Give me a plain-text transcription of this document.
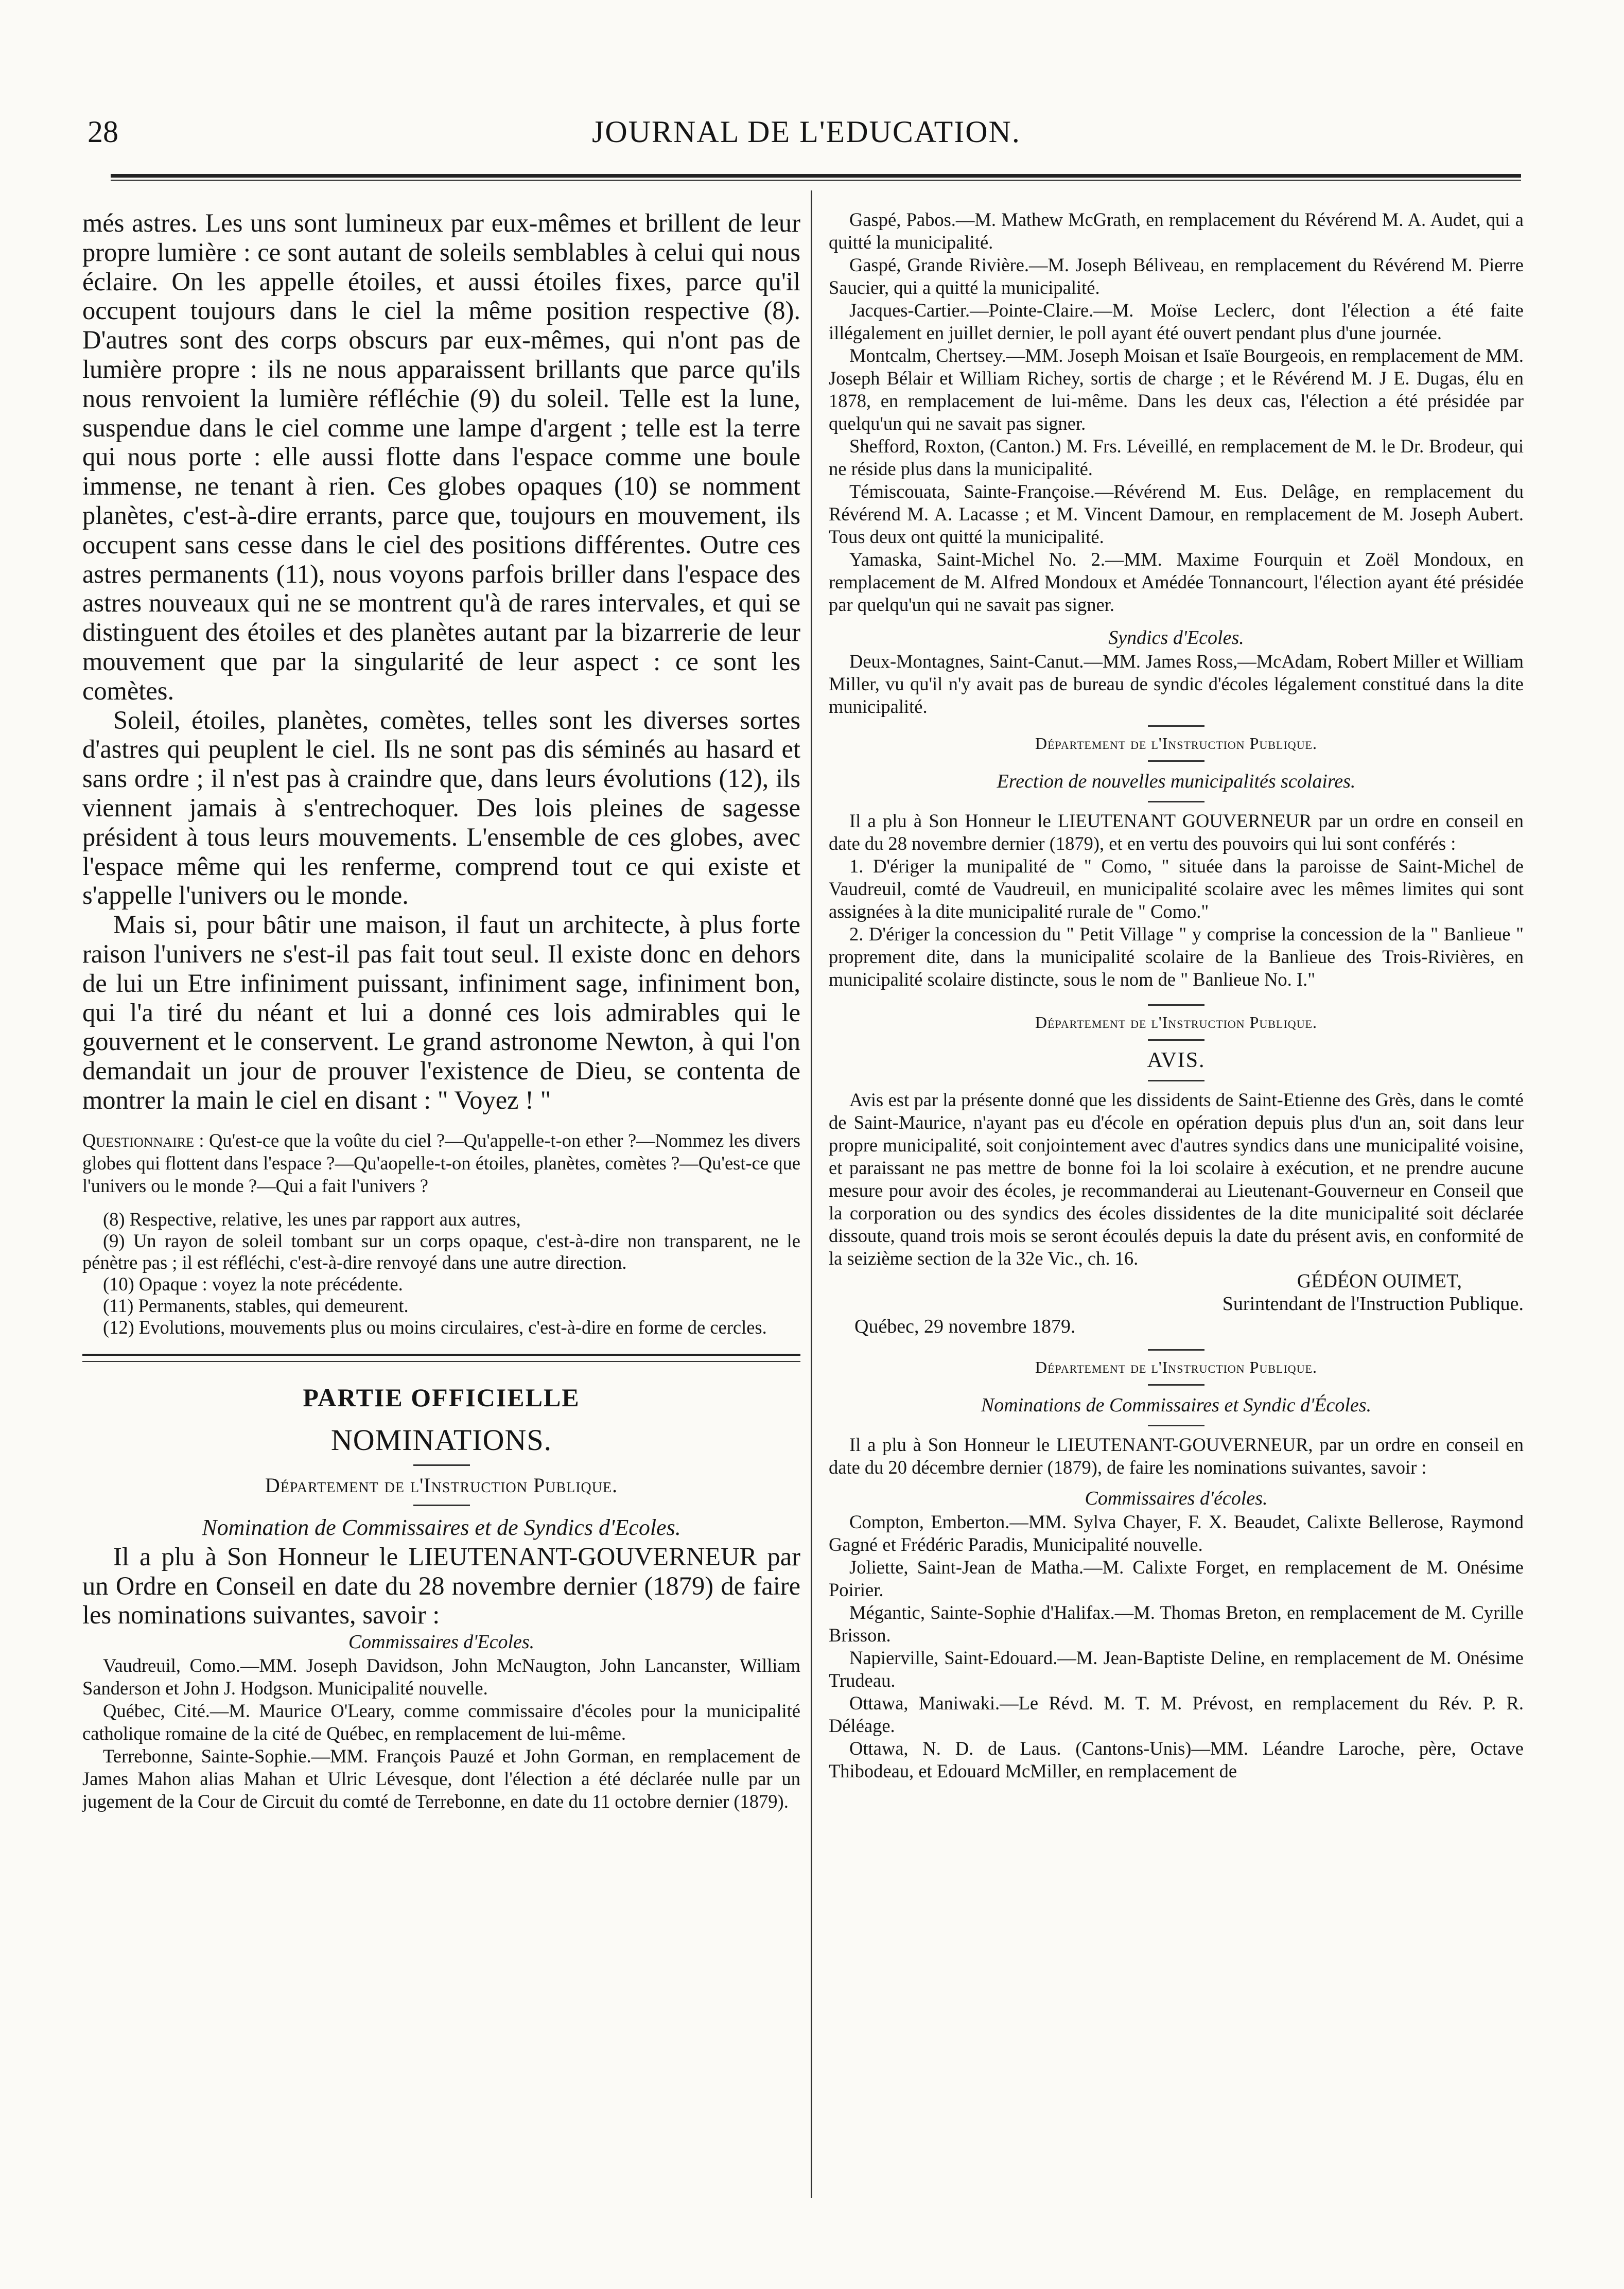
28	JOURNAL DE L'EDUCATION.

més astres. Les uns sont lumineux par eux-mêmes et brillent de leur propre lumière : ce sont autant de soleils semblables à celui qui nous éclaire. On les appelle étoiles, et aussi étoiles fixes, parce qu'il occupent toujours dans le ciel la même position respective (8). D'autres sont des corps obscurs par eux-mêmes, qui n'ont pas de lumière propre : ils ne nous apparaissent brillants que parce qu'ils nous renvoient la lumière réfléchie (9) du soleil. Telle est la lune, suspendue dans le ciel comme une lampe d'argent ; telle est la terre qui nous porte : elle aussi flotte dans l'espace comme une boule immense, ne tenant à rien. Ces globes opaques (10) se nomment planètes, c'est-à-dire errants, parce que, toujours en mouvement, ils occupent sans cesse dans le ciel des positions différentes. Outre ces astres permanents (11), nous voyons parfois briller dans l'espace des astres nouveaux qui ne se montrent qu'à de rares intervales, et qui se distinguent des étoiles et des planètes autant par la bizarrerie de leur mouvement que par la singularité de leur aspect : ce sont les comètes.

Soleil, étoiles, planètes, comètes, telles sont les diverses sortes d'astres qui peuplent le ciel. Ils ne sont pas dis séminés au hasard et sans ordre ; il n'est pas à craindre que, dans leurs évolutions (12), ils viennent jamais à s'entrechoquer. Des lois pleines de sagesse président à tous leurs mouvements. L'ensemble de ces globes, avec l'espace même qui les renferme, comprend tout ce qui existe et s'appelle l'univers ou le monde.

Mais si, pour bâtir une maison, il faut un architecte, à plus forte raison l'univers ne s'est-il pas fait tout seul. Il existe donc en dehors de lui un Etre infiniment puissant, infiniment sage, infiniment bon, qui l'a tiré du néant et lui a donné ces lois admirables qui le gouvernent et le conservent. Le grand astronome Newton, à qui l'on demandait un jour de prouver l'existence de Dieu, se contenta de montrer la main le ciel en disant : " Voyez ! "

Questionnaire : Qu'est-ce que la voûte du ciel ?—Qu'appelle-t-on ether ?—Nommez les divers globes qui flottent dans l'espace ?—Qu'aopelle-t-on étoiles, planètes, comètes ?—Qu'est-ce que l'univers ou le monde ?—Qui a fait l'univers ?

(8) Respective, relative, les unes par rapport aux autres,

(9) Un rayon de soleil tombant sur un corps opaque, c'est-à-dire non transparent, ne le pénètre pas ; il est réfléchi, c'est-à-dire renvoyé dans une autre direction.

(10) Opaque : voyez la note précédente.

(11) Permanents, stables, qui demeurent.

(12) Evolutions, mouvements plus ou moins circulaires, c'est-à-dire en forme de cercles.

PARTIE OFFICIELLE
NOMINATIONS.
Département de l'Instruction Publique.
Nomination de Commissaires et de Syndics d'Ecoles.

Il a plu à Son Honneur le LIEUTENANT-GOUVERNEUR par un Ordre en Conseil en date du 28 novembre dernier (1879) de faire les nominations suivantes, savoir :

Commissaires d'Ecoles.

Vaudreuil, Como.—MM. Joseph Davidson, John McNaugton, John Lancanster, William Sanderson et John J. Hodgson. Municipalité nouvelle.

Québec, Cité.—M. Maurice O'Leary, comme commissaire d'écoles pour la municipalité catholique romaine de la cité de Québec, en remplacement de lui-même.

Terrebonne, Sainte-Sophie.—MM. François Pauzé et John Gorman, en remplacement de James Mahon alias Mahan et Ulric Lévesque, dont l'élection a été déclarée nulle par un jugement de la Cour de Circuit du comté de Terrebonne, en date du 11 octobre dernier (1879).

Gaspé, Pabos.—M. Mathew McGrath, en remplacement du Révérend M. A. Audet, qui a quitté la municipalité.

Gaspé, Grande Rivière.—M. Joseph Béliveau, en remplacement du Révérend M. Pierre Saucier, qui a quitté la municipalité.

Jacques-Cartier.—Pointe-Claire.—M. Moïse Leclerc, dont l'élection a été faite illégalement en juillet dernier, le poll ayant été ouvert pendant plus d'une journée.

Montcalm, Chertsey.—MM. Joseph Moisan et Isaïe Bourgeois, en remplacement de MM. Joseph Bélair et William Richey, sortis de charge ; et le Révérend M. J E. Dugas, élu en 1878, en remplacement de lui-même. Dans les deux cas, l'élection a été présidée par quelqu'un qui ne savait pas signer.

Shefford, Roxton, (Canton.) M. Frs. Léveillé, en remplacement de M. le Dr. Brodeur, qui ne réside plus dans la municipalité.

Témiscouata, Sainte-Françoise.—Révérend M. Eus. Delâge, en remplacement du Révérend M. A. Lacasse ; et M. Vincent Damour, en remplacement de M. Joseph Aubert. Tous deux ont quitté la municipalité.

Yamaska, Saint-Michel No. 2.—MM. Maxime Fourquin et Zoël Mondoux, en remplacement de M. Alfred Mondoux et Amédée Tonnancourt, l'élection ayant été présidée par quelqu'un qui ne savait pas signer.

Syndics d'Ecoles.

Deux-Montagnes, Saint-Canut.—MM. James Ross,—McAdam, Robert Miller et William Miller, vu qu'il n'y avait pas de bureau de syndic d'écoles légalement constitué dans la dite municipalité.

Département de l'Instruction Publique.
Erection de nouvelles municipalités scolaires.

Il a plu à Son Honneur le LIEUTENANT GOUVERNEUR par un ordre en conseil en date du 28 novembre dernier (1879), et en vertu des pouvoirs qui lui sont conférés :

1. D'ériger la munipalité de " Como, " située dans la paroisse de Saint-Michel de Vaudreuil, comté de Vaudreuil, en municipalité scolaire avec les mêmes limites qui sont assignées à la dite municipalité rurale de " Como."

2. D'ériger la concession du " Petit Village " y comprise la concession de la " Banlieue " proprement dite, dans la municipalité scolaire de la Banlieue des Trois-Rivières, en municipalité scolaire distincte, sous le nom de " Banlieue No. I."

Département de l'Instruction Publique.
AVIS.

Avis est par la présente donné que les dissidents de Saint-Etienne des Grès, dans le comté de Saint-Maurice, n'ayant pas eu d'école en opération depuis plus d'un an, soit dans leur propre municipalité, soit conjointement avec d'autres syndics dans une municipalité voisine, et paraissant ne pas mettre de bonne foi la loi scolaire à exécution, et ne prendre aucune mesure pour avoir des écoles, je recommanderai au Lieutenant-Gouverneur en Conseil que la corporation ou des syndics des écoles dissidentes de la dite municipalité soit déclarée dissoute, quand trois mois se seront écoulés depuis la date du présent avis, en conformité de la seizième section de la 32e Vic., ch. 16.

GÉDÉON OUIMET,
Surintendant de l'Instruction Publique.
Québec, 29 novembre 1879.
Département de l'Instruction Publique.
Nominations de Commissaires et Syndic d'Écoles.

Il a plu à Son Honneur le LIEUTENANT-GOUVERNEUR, par un ordre en conseil en date du 20 décembre dernier (1879), de faire les nominations suivantes, savoir :

Commissaires d'écoles.

Compton, Emberton.—MM. Sylva Chayer, F. X. Beaudet, Calixte Bellerose, Raymond Gagné et Frédéric Paradis, Municipalité nouvelle.

Joliette, Saint-Jean de Matha.—M. Calixte Forget, en remplacement de M. Onésime Poirier.

Mégantic, Sainte-Sophie d'Halifax.—M. Thomas Breton, en remplacement de M. Cyrille Brisson.

Napierville, Saint-Edouard.—M. Jean-Baptiste Deline, en remplacement de M. Onésime Trudeau.

Ottawa, Maniwaki.—Le Révd. M. T. M. Prévost, en remplacement du Rév. P. R. Déléage.

Ottawa, N. D. de Laus. (Cantons-Unis)—MM. Léandre Laroche, père, Octave Thibodeau, et Edouard McMiller, en remplacement de
